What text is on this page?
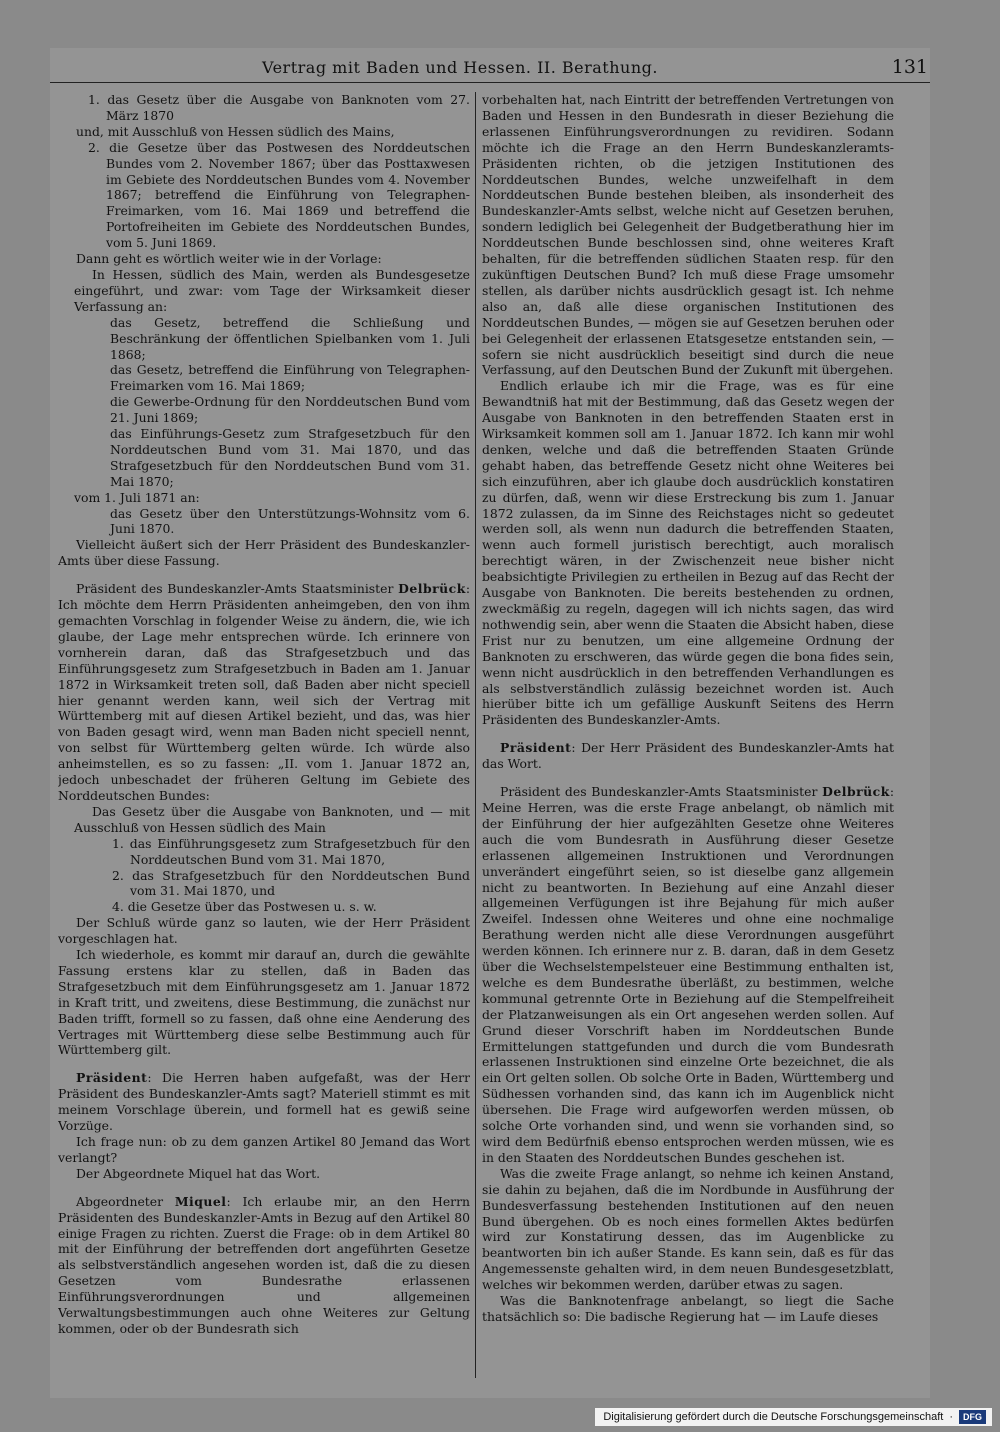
Vertrag mit Baden und Hessen. II. Berathung.	131

1. das Gesetz über die Ausgabe von Banknoten vom 27. März 1870

und, mit Ausschluß von Hessen südlich des Mains,

2. die Gesetze über das Postwesen des Norddeutschen Bundes vom 2. November 1867; über das Posttaxwesen im Gebiete des Norddeutschen Bundes vom 4. November 1867; betreffend die Einführung von Telegraphen-Freimarken, vom 16. Mai 1869 und betreffend die Portofreiheiten im Gebiete des Norddeutschen Bundes, vom 5. Juni 1869.

Dann geht es wörtlich weiter wie in der Vorlage:

In Hessen, südlich des Main, werden als Bundesgesetze eingeführt, und zwar: vom Tage der Wirksamkeit dieser Verfassung an:

das Gesetz, betreffend die Schließung und Beschränkung der öffentlichen Spielbanken vom 1. Juli 1868;

das Gesetz, betreffend die Einführung von Telegraphen-Freimarken vom 16. Mai 1869;

die Gewerbe-Ordnung für den Norddeutschen Bund vom 21. Juni 1869;

das Einführungs-Gesetz zum Strafgesetzbuch für den Norddeutschen Bund vom 31. Mai 1870, und das Strafgesetzbuch für den Norddeutschen Bund vom 31. Mai 1870;

vom 1. Juli 1871 an:

das Gesetz über den Unterstützungs-Wohnsitz vom 6. Juni 1870.

Vielleicht äußert sich der Herr Präsident des Bundeskanzler-Amts über diese Fassung.

Präsident des Bundeskanzler-Amts Staatsminister Delbrück: Ich möchte dem Herrn Präsidenten anheimgeben, den von ihm gemachten Vorschlag in folgender Weise zu ändern, die, wie ich glaube, der Lage mehr entsprechen würde. Ich erinnere von vornherein daran, daß das Strafgesetzbuch und das Einführungsgesetz zum Strafgesetzbuch in Baden am 1. Januar 1872 in Wirksamkeit treten soll, daß Baden aber nicht speciell hier genannt werden kann, weil sich der Vertrag mit Württemberg mit auf diesen Artikel bezieht, und das, was hier von Baden gesagt wird, wenn man Baden nicht speciell nennt, von selbst für Württemberg gelten würde. Ich würde also anheimstellen, es so zu fassen: „II. vom 1. Januar 1872 an, jedoch unbeschadet der früheren Geltung im Gebiete des Norddeutschen Bundes:

Das Gesetz über die Ausgabe von Banknoten, und — mit Ausschluß von Hessen südlich des Main

1. das Einführungsgesetz zum Strafgesetzbuch für den Norddeutschen Bund vom 31. Mai 1870,

2. das Strafgesetzbuch für den Norddeutschen Bund vom 31. Mai 1870, und

4. die Gesetze über das Postwesen u. s. w.

Der Schluß würde ganz so lauten, wie der Herr Präsident vorgeschlagen hat.

Ich wiederhole, es kommt mir darauf an, durch die gewählte Fassung erstens klar zu stellen, daß in Baden das Strafgesetzbuch mit dem Einführungsgesetz am 1. Januar 1872 in Kraft tritt, und zweitens, diese Bestimmung, die zunächst nur Baden trifft, formell so zu fassen, daß ohne eine Aenderung des Vertrages mit Württemberg diese selbe Bestimmung auch für Württemberg gilt.

Präsident: Die Herren haben aufgefaßt, was der Herr Präsident des Bundeskanzler-Amts sagt? Materiell stimmt es mit meinem Vorschlage überein, und formell hat es gewiß seine Vorzüge.

Ich frage nun: ob zu dem ganzen Artikel 80 Jemand das Wort verlangt?

Der Abgeordnete Miquel hat das Wort.

Abgeordneter Miquel: Ich erlaube mir, an den Herrn Präsidenten des Bundeskanzler-Amts in Bezug auf den Artikel 80 einige Fragen zu richten. Zuerst die Frage: ob in dem Artikel 80 mit der Einführung der betreffenden dort angeführten Gesetze als selbstverständlich angesehen worden ist, daß die zu diesen Gesetzen vom Bundesrathe erlassenen Einführungsverordnungen und allgemeinen Verwaltungsbestimmungen auch ohne Weiteres zur Geltung kommen, oder ob der Bundesrath sich

vorbehalten hat, nach Eintritt der betreffenden Vertretungen von Baden und Hessen in den Bundesrath in dieser Beziehung die erlassenen Einführungsverordnungen zu revidiren. Sodann möchte ich die Frage an den Herrn Bundeskanzleramts-Präsidenten richten, ob die jetzigen Institutionen des Norddeutschen Bundes, welche unzweifelhaft in dem Norddeutschen Bunde bestehen bleiben, als insonderheit des Bundeskanzler-Amts selbst, welche nicht auf Gesetzen beruhen, sondern lediglich bei Gelegenheit der Budgetberathung hier im Norddeutschen Bunde beschlossen sind, ohne weiteres Kraft behalten, für die betreffenden südlichen Staaten resp. für den zukünftigen Deutschen Bund? Ich muß diese Frage umsomehr stellen, als darüber nichts ausdrücklich gesagt ist. Ich nehme also an, daß alle diese organischen Institutionen des Norddeutschen Bundes, — mögen sie auf Gesetzen beruhen oder bei Gelegenheit der erlassenen Etatsgesetze entstanden sein, — sofern sie nicht ausdrücklich beseitigt sind durch die neue Verfassung, auf den Deutschen Bund der Zukunft mit übergehen.

Endlich erlaube ich mir die Frage, was es für eine Bewandtniß hat mit der Bestimmung, daß das Gesetz wegen der Ausgabe von Banknoten in den betreffenden Staaten erst in Wirksamkeit kommen soll am 1. Januar 1872. Ich kann mir wohl denken, welche und daß die betreffenden Staaten Gründe gehabt haben, das betreffende Gesetz nicht ohne Weiteres bei sich einzuführen, aber ich glaube doch ausdrücklich konstatiren zu dürfen, daß, wenn wir diese Erstreckung bis zum 1. Januar 1872 zulassen, da im Sinne des Reichstages nicht so gedeutet werden soll, als wenn nun dadurch die betreffenden Staaten, wenn auch formell juristisch berechtigt, auch moralisch berechtigt wären, in der Zwischenzeit neue bisher nicht beabsichtigte Privilegien zu ertheilen in Bezug auf das Recht der Ausgabe von Banknoten. Die bereits bestehenden zu ordnen, zweckmäßig zu regeln, dagegen will ich nichts sagen, das wird nothwendig sein, aber wenn die Staaten die Absicht haben, diese Frist nur zu benutzen, um eine allgemeine Ordnung der Banknoten zu erschweren, das würde gegen die bona fides sein, wenn nicht ausdrücklich in den betreffenden Verhandlungen es als selbstverständlich zulässig bezeichnet worden ist. Auch hierüber bitte ich um gefällige Auskunft Seitens des Herrn Präsidenten des Bundeskanzler-Amts.

Präsident: Der Herr Präsident des Bundeskanzler-Amts hat das Wort.

Präsident des Bundeskanzler-Amts Staatsminister Delbrück: Meine Herren, was die erste Frage anbelangt, ob nämlich mit der Einführung der hier aufgezählten Gesetze ohne Weiteres auch die vom Bundesrath in Ausführung dieser Gesetze erlassenen allgemeinen Instruktionen und Verordnungen unverändert eingeführt seien, so ist dieselbe ganz allgemein nicht zu beantworten. In Beziehung auf eine Anzahl dieser allgemeinen Verfügungen ist ihre Bejahung für mich außer Zweifel. Indessen ohne Weiteres und ohne eine nochmalige Berathung werden nicht alle diese Verordnungen ausgeführt werden können. Ich erinnere nur z. B. daran, daß in dem Gesetz über die Wechselstempelsteuer eine Bestimmung enthalten ist, welche es dem Bundesrathe überläßt, zu bestimmen, welche kommunal getrennte Orte in Beziehung auf die Stempelfreiheit der Platzanweisungen als ein Ort angesehen werden sollen. Auf Grund dieser Vorschrift haben im Norddeutschen Bunde Ermittelungen stattgefunden und durch die vom Bundesrath erlassenen Instruktionen sind einzelne Orte bezeichnet, die als ein Ort gelten sollen. Ob solche Orte in Baden, Württemberg und Südhessen vorhanden sind, das kann ich im Augenblick nicht übersehen. Die Frage wird aufgeworfen werden müssen, ob solche Orte vorhanden sind, und wenn sie vorhanden sind, so wird dem Bedürfniß ebenso entsprochen werden müssen, wie es in den Staaten des Norddeutschen Bundes geschehen ist.

Was die zweite Frage anlangt, so nehme ich keinen Anstand, sie dahin zu bejahen, daß die im Nordbunde in Ausführung der Bundesverfassung bestehenden Institutionen auf den neuen Bund übergehen. Ob es noch eines formellen Aktes bedürfen wird zur Konstatirung dessen, das im Augenblicke zu beantworten bin ich außer Stande. Es kann sein, daß es für das Angemessenste gehalten wird, in dem neuen Bundesgesetzblatt, welches wir bekommen werden, darüber etwas zu sagen.

Was die Banknotenfrage anbelangt, so liegt die Sache thatsächlich so: Die badische Regierung hat — im Laufe dieses

Digitalisierung gefördert durch die Deutsche Forschungsgemeinschaft ·	DFG
